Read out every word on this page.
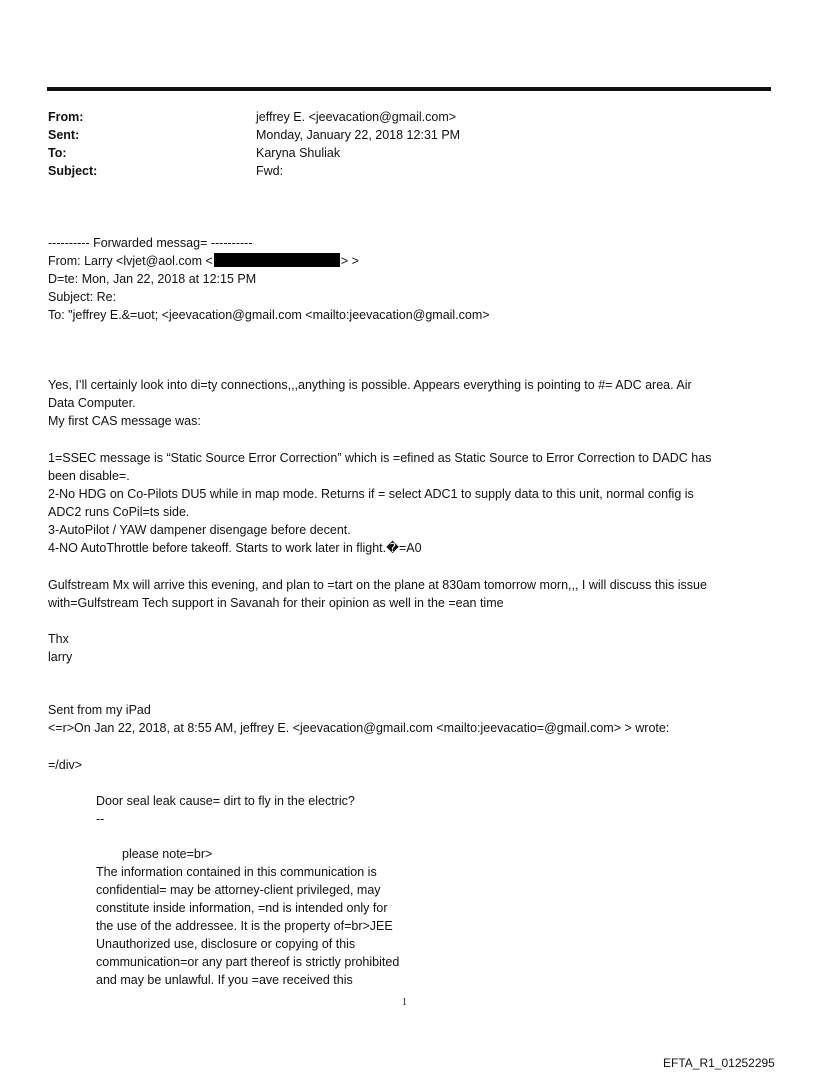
From:	jeffrey E. <jeevacation@gmail.com>
Sent:	Monday, January 22, 2018 12:31 PM
To:	Karyna Shuliak
Subject:	Fwd:
---------- Forwarded messag= ----------
From: Larry <lvjet@aol.com <	> >
D=te: Mon, Jan 22, 2018 at 12:15 PM
Subject: Re:
To: "jeffrey E.&=uot; <jeevacation@gmail.com <mailto:jeevacation@gmail.com>
Yes, I’ll certainly look into di=ty connections,,,anything is possible. Appears everything is pointing to #= ADC area. Air
Data Computer.
My first CAS message was:
1=SSEC message is “Static Source Error Correction” which is =efined as Static Source to Error Correction to DADC has
been disable=.
2-No HDG on Co-Pilots DU5 while in map mode. Returns if = select ADC1 to supply data to this unit, normal config is
ADC2 runs CoPil=ts side.
3-AutoPilot / YAW dampener disengage before decent.
4-NO AutoThrottle before takeoff. Starts to work later in flight.�=A0
Gulfstream Mx will arrive this evening, and plan to =tart on the plane at 830am tomorrow morn,,, I will discuss this issue
with=Gulfstream Tech support in Savanah for their opinion as well in the =ean time
Thx
larry
Sent from my iPad
<=r>On Jan 22, 2018, at 8:55 AM, jeffrey E. <jeevacation@gmail.com <mailto:jeevacatio=@gmail.com> > wrote:
=/div>
Door seal leak cause= dirt to fly in the electric?
--
please note=br>
The information contained in this communication is
confidential= may be attorney-client privileged, may
constitute inside information, =nd is intended only for
the use of the addressee. It is the property of=br>JEE
Unauthorized use, disclosure or copying of this
communication=or any part thereof is strictly prohibited
and may be unlawful. If you =ave received this
1
EFTA_R1_01252295
